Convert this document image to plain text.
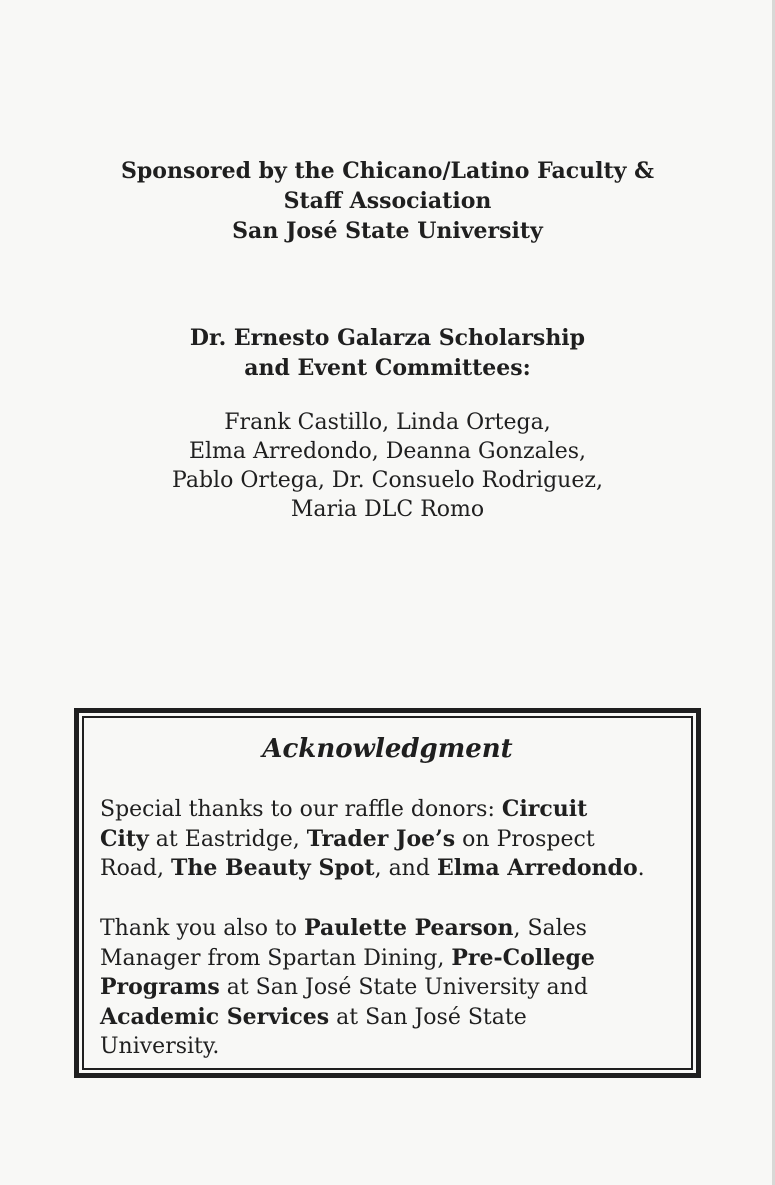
Sponsored by the Chicano/Latino Faculty &
Staff Association
San José State University
Dr. Ernesto Galarza Scholarship
and Event Committees:
Frank Castillo, Linda Ortega,
Elma Arredondo, Deanna Gonzales,
Pablo Ortega, Dr. Consuelo Rodriguez,
Maria DLC Romo
Acknowledgment
Special thanks to our raffle donors: Circuit
City at Eastridge, Trader Joe’s on Prospect
Road, The Beauty Spot, and Elma Arredondo.
Thank you also to Paulette Pearson, Sales
Manager from Spartan Dining, Pre-College
Programs at San José State University and
Academic Services at San José State
University.
